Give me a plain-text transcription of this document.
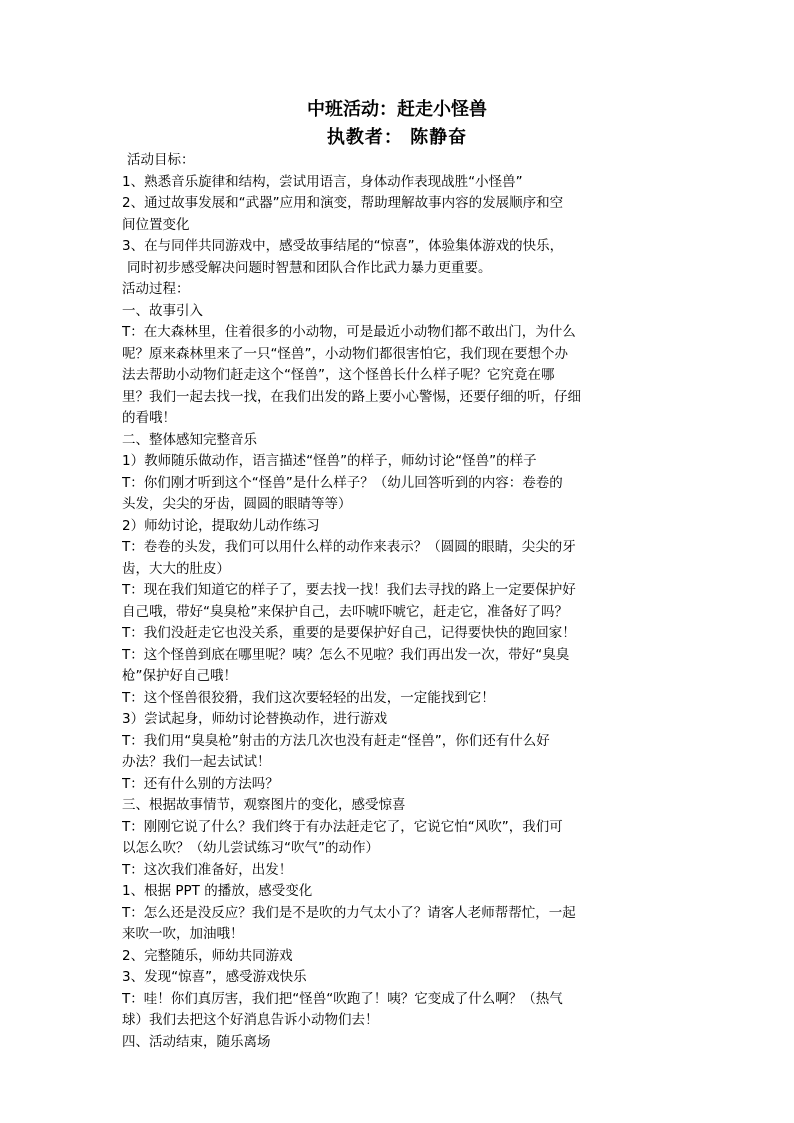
中班活动：赶走小怪兽
执教者： 陈静奋
活动目标：
1、熟悉音乐旋律和结构，尝试用语言，身体动作表现战胜“小怪兽”
2、通过故事发展和“武器”应用和演变，帮助理解故事内容的发展顺序和空
间位置变化
3、在与同伴共同游戏中，感受故事结尾的“惊喜”，体验集体游戏的快乐，
同时初步感受解决问题时智慧和团队合作比武力暴力更重要。
活动过程：
一、故事引入
T：在大森林里，住着很多的小动物，可是最近小动物们都不敢出门，为什么
呢？原来森林里来了一只“怪兽”，小动物们都很害怕它，我们现在要想个办
法去帮助小动物们赶走这个“怪兽”，这个怪兽长什么样子呢？它究竟在哪
里？我们一起去找一找，在我们出发的路上要小心警惕，还要仔细的听，仔细
的看哦！
二、整体感知完整音乐
1）教师随乐做动作，语言描述“怪兽”的样子，师幼讨论“怪兽”的样子
T：你们刚才听到这个“怪兽”是什么样子？（幼儿回答听到的内容：卷卷的
头发，尖尖的牙齿，圆圆的眼睛等等）
2）师幼讨论，提取幼儿动作练习
T：卷卷的头发，我们可以用什么样的动作来表示？（圆圆的眼睛，尖尖的牙
齿，大大的肚皮）
T：现在我们知道它的样子了，要去找一找！我们去寻找的路上一定要保护好
自己哦，带好“臭臭枪”来保护自己，去吓唬吓唬它，赶走它，准备好了吗？
T：我们没赶走它也没关系，重要的是要保护好自己，记得要快快的跑回家！
T：这个怪兽到底在哪里呢？咦？怎么不见啦？我们再出发一次，带好“臭臭
枪”保护好自己哦！
T：这个怪兽很狡猾，我们这次要轻轻的出发，一定能找到它！
3）尝试起身，师幼讨论替换动作，进行游戏
T：我们用“臭臭枪”射击的方法几次也没有赶走“怪兽”，你们还有什么好
办法？我们一起去试试！
T：还有什么别的方法吗？
三、根据故事情节，观察图片的变化，感受惊喜
T：刚刚它说了什么？我们终于有办法赶走它了，它说它怕“风吹”，我们可
以怎么吹？（幼儿尝试练习“吹气”的动作）
T：这次我们准备好，出发！
1、根据 PPT 的播放，感受变化
T：怎么还是没反应？我们是不是吹的力气太小了？请客人老师帮帮忙，一起
来吹一吹，加油哦！
2、完整随乐，师幼共同游戏
3、发现“惊喜”，感受游戏快乐
T：哇！你们真厉害，我们把“怪兽“吹跑了！咦？它变成了什么啊？（热气
球）我们去把这个好消息告诉小动物们去！
四、活动结束，随乐离场
